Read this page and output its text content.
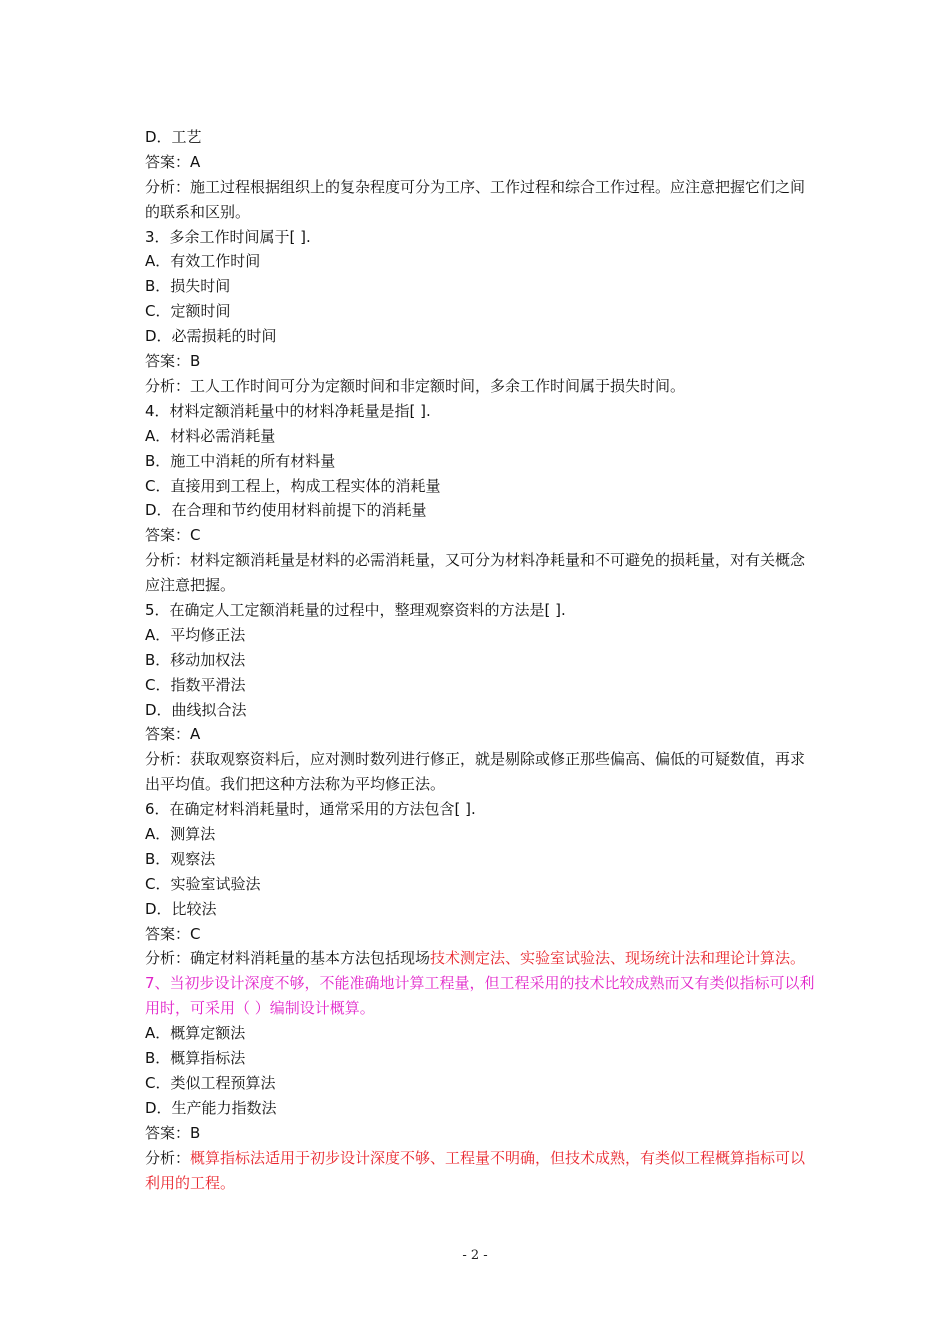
D．工艺
答案：A
分析：施工过程根据组织上的复杂程度可分为工序、工作过程和综合工作过程。应注意把握它们之间的联系和区别。
3．多余工作时间属于[ ].
A．有效工作时间
B．损失时间
C．定额时间
D．必需损耗的时间
答案：B
分析：工人工作时间可分为定额时间和非定额时间，多余工作时间属于损失时间。
4．材料定额消耗量中的材料净耗量是指[ ].
A．材料必需消耗量
B．施工中消耗的所有材料量
C．直接用到工程上，构成工程实体的消耗量
D．在合理和节约使用材料前提下的消耗量
答案：C
分析：材料定额消耗量是材料的必需消耗量，又可分为材料净耗量和不可避免的损耗量，对有关概念应注意把握。
5．在确定人工定额消耗量的过程中，整理观察资料的方法是[ ].
A．平均修正法
B．移动加权法
C．指数平滑法
D．曲线拟合法
答案：A
分析：获取观察资料后，应对测时数列进行修正，就是剔除或修正那些偏高、偏低的可疑数值，再求出平均值。我们把这种方法称为平均修正法。
6．在确定材料消耗量时，通常采用的方法包含[ ].
A．测算法
B．观察法
C．实验室试验法
D．比较法
答案：C
分析：确定材料消耗量的基本方法包括现场技术测定法、实验室试验法、现场统计法和理论计算法。
7、当初步设计深度不够，不能准确地计算工程量，但工程采用的技术比较成熟而又有类似指标可以利用时，可采用（ ）编制设计概算。
A．概算定额法
B．概算指标法
C．类似工程预算法
D．生产能力指数法
答案：B
分析：概算指标法适用于初步设计深度不够、工程量不明确，但技术成熟，有类似工程概算指标可以利用的工程。
- 2 -
